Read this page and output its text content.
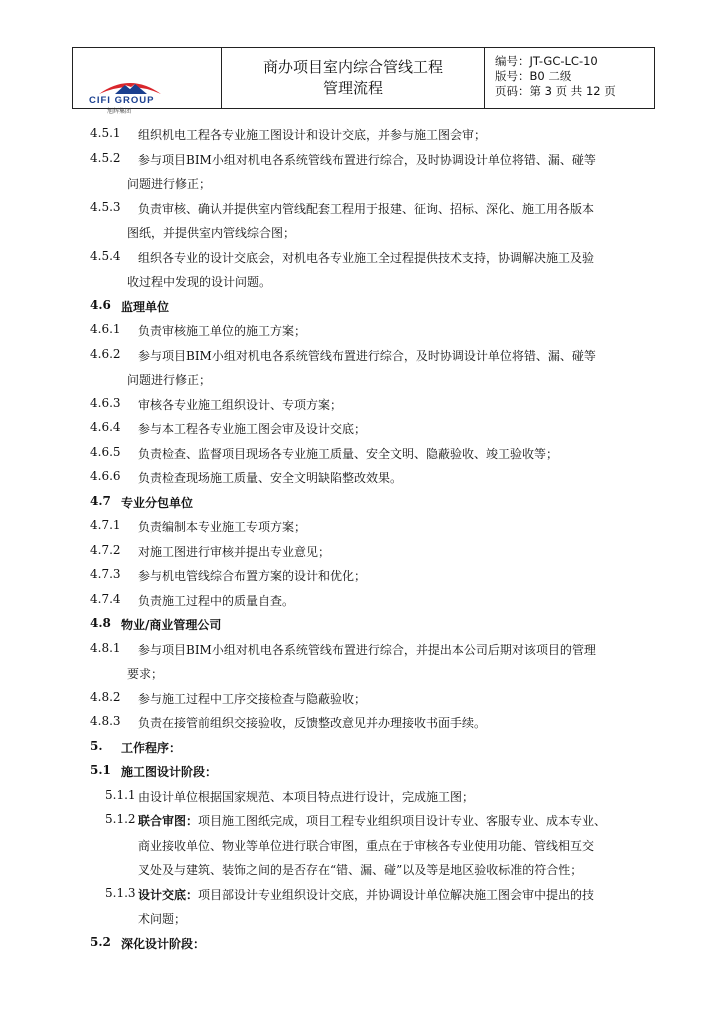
CIFI GROUP
旭辉集团
商办项目室内综合管线工程
管理流程
编号：JT-GC-LC-10
版号：B0 二级
页码：第 3 页 共 12 页
4.5.1 组织机电工程各专业施工图设计和设计交底，并参与施工图会审；
4.5.2 参与项目BIM小组对机电各系统管线布置进行综合，及时协调设计单位将错、漏、碰等
问题进行修正；
4.5.3 负责审核、确认并提供室内管线配套工程用于报建、征询、招标、深化、施工用各版本
图纸，并提供室内管线综合图；
4.5.4 组织各专业的设计交底会，对机电各专业施工全过程提供技术支持，协调解决施工及验
收过程中发现的设计问题。
4.6 监理单位
4.6.1 负责审核施工单位的施工方案；
4.6.2 参与项目BIM小组对机电各系统管线布置进行综合，及时协调设计单位将错、漏、碰等
问题进行修正；
4.6.3 审核各专业施工组织设计、专项方案；
4.6.4 参与本工程各专业施工图会审及设计交底；
4.6.5 负责检查、监督项目现场各专业施工质量、安全文明、隐蔽验收、竣工验收等；
4.6.6 负责检查现场施工质量、安全文明缺陷整改效果。
4.7 专业分包单位
4.7.1 负责编制本专业施工专项方案；
4.7.2 对施工图进行审核并提出专业意见；
4.7.3 参与机电管线综合布置方案的设计和优化；
4.7.4 负责施工过程中的质量自查。
4.8 物业/商业管理公司
4.8.1 参与项目BIM小组对机电各系统管线布置进行综合，并提出本公司后期对该项目的管理
要求；
4.8.2 参与施工过程中工序交接检查与隐蔽验收；
4.8.3 负责在接管前组织交接验收，反馈整改意见并办理接收书面手续。
5. 工作程序：
5.1 施工图设计阶段：
5.1.1 由设计单位根据国家规范、本项目特点进行设计，完成施工图；
5.1.2 联合审图：项目施工图纸完成，项目工程专业组织项目设计专业、客服专业、成本专业、
商业接收单位、物业等单位进行联合审图，重点在于审核各专业使用功能、管线相互交
叉处及与建筑、装饰之间的是否存在“错、漏、碰”以及等是地区验收标准的符合性；
5.1.3 设计交底：项目部设计专业组织设计交底，并协调设计单位解决施工图会审中提出的技
术问题；
5.2 深化设计阶段：
